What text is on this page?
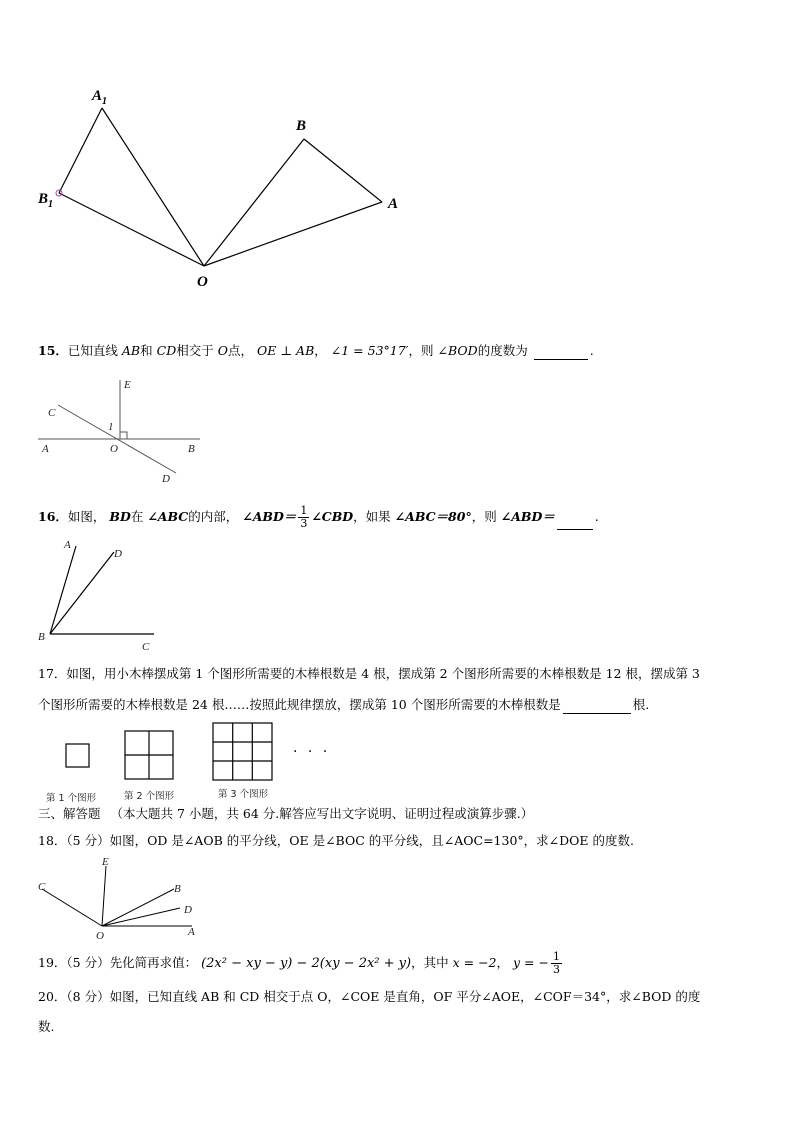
$A_1$
$B_1$
B
A
O
15．已知直线 AB和 CD相交于 O点， OE ⊥ AB， ∠1 = 53°17′，则 ∠BOD的度数为	.
E
C
1
A	O	B
D
16．如图， BD在 ∠ABC的内部， ∠ABD＝ $\frac{1}{3}$ ∠CBD，如果 ∠ABC＝80°，则 ∠ABD＝	.
A
D
B
C
17．如图，用小木棒摆成第 1 个图形所需要的木棒根数是 4 根，摆成第 2 个图形所需要的木棒根数是 12 根，摆成第 3
个图形所需要的木棒根数是 24 根……按照此规律摆放，摆成第 10 个图形所需要的木棒根数是	根.
· · ·
第 1 个图形	第 2 个图形	第 3 个图形
三、解答题 （本大题共 7 小题，共 64 分.解答应写出文字说明、证明过程或演算步骤.）
18．（5 分）如图，OD 是∠AOB 的平分线，OE 是∠BOC 的平分线，且∠AOC=130°，求∠DOE 的度数.
E
C	B
D
O	A
19．（5 分）先化简再求值： (2x² − xy − y) − 2(xy − 2x² + y)，其中 x = −2， y = − $\frac{1}{3}$
20．（8 分）如图，已知直线 AB 和 CD 相交于点 O，∠COE 是直角，OF 平分∠AOE，∠COF＝34°，求∠BOD 的度
数.
